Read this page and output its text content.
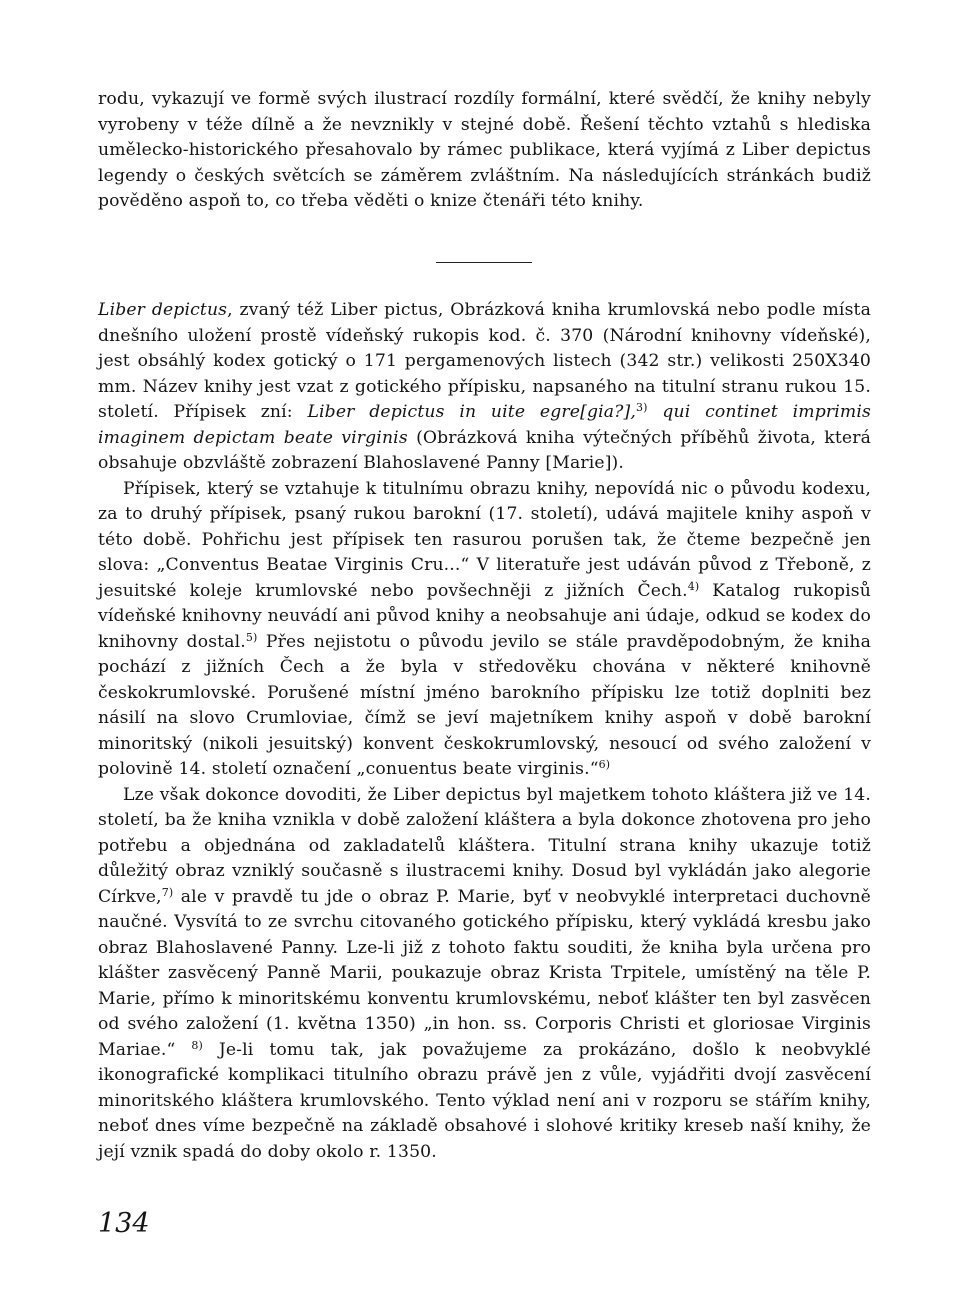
rodu, vykazují ve formě svých ilustrací rozdíly formální, které svědčí, že knihy nebyly vyrobeny v téže dílně a že nevznikly v stejné době. Řešení těchto vztahů s hlediska umělecko-historického přesahovalo by rámec publikace, která vyjímá z Liber depictus legendy o českých světcích se záměrem zvláštním. Na následujících stránkách budiž pověděno aspoň to, co třeba věděti o knize čtenáři této knihy.

Liber depictus, zvaný též Liber pictus, Obrázková kniha krumlovská nebo podle místa dnešního uložení prostě vídeňský rukopis kod. č. 370 (Národní knihovny vídeňské), jest obsáhlý kodex gotický o 171 pergamenových listech (342 str.) velikosti 250X340 mm. Název knihy jest vzat z gotického přípisku, napsaného na titulní stranu rukou 15. století. Přípisek zní: Liber depictus in uite egre[gia?],$^{3)}$ qui continet imprimis imaginem depictam beate virginis (Obrázková kniha výtečných příběhů života, která obsahuje obzvláště zobrazení Blahoslavené Panny [Marie]).

Přípisek, který se vztahuje k titulnímu obrazu knihy, nepovídá nic o původu kodexu, za to druhý přípisek, psaný rukou barokní (17. století), udává majitele knihy aspoň v této době. Pohřichu jest přípisek ten rasurou porušen tak, že čteme bezpečně jen slova: „Conventus Beatae Virginis Cru...“ V literatuře jest udáván původ z Třeboně, z jesuitské koleje krumlovské nebo povšechněji z jižních Čech.$^{4)}$ Katalog rukopisů vídeňské knihovny neuvádí ani původ knihy a neobsahuje ani údaje, odkud se kodex do knihovny dostal.$^{5)}$ Přes nejistotu o původu jevilo se stále pravděpodobným, že kniha pochází z jižních Čech a že byla v středověku chována v některé knihovně českokrumlovské. Porušené místní jméno barokního přípisku lze totiž doplniti bez násilí na slovo Crumloviae, čímž se jeví majetníkem knihy aspoň v době barokní minoritský (nikoli jesuitský) konvent českokrumlovský, nesoucí od svého založení v polovině 14. století označení „conuentus beate virginis.“$^{6)}$

Lze však dokonce dovoditi, že Liber depictus byl majetkem tohoto kláštera již ve 14. století, ba že kniha vznikla v době založení kláštera a byla dokonce zhotovena pro jeho potřebu a objednána od zakladatelů kláštera. Titulní strana knihy ukazuje totiž důležitý obraz vzniklý současně s ilustracemi knihy. Dosud byl vykládán jako alegorie Církve,$^{7)}$ ale v pravdě tu jde o obraz P. Marie, byť v neobvyklé interpretaci duchovně naučné. Vysvítá to ze svrchu citovaného gotického přípisku, který vykládá kresbu jako obraz Blahoslavené Panny. Lze-li již z tohoto faktu souditi, že kniha byla určena pro klášter zasvěcený Panně Marii, poukazuje obraz Krista Trpitele, umístěný na těle P. Marie, přímo k minoritskému konventu krumlovskému, neboť klášter ten byl zasvěcen od svého založení (1. května 1350) „in hon. ss. Corporis Christi et gloriosae Virginis Mariae.“ $^{8)}$ Je-li tomu tak, jak považujeme za prokázáno, došlo k neobvyklé ikonografické komplikaci titulního obrazu právě jen z vůle, vyjádřiti dvojí zasvěcení minoritského kláštera krumlovského. Tento výklad není ani v rozporu se stářím knihy, neboť dnes víme bezpečně na základě obsahové i slohové kritiky kreseb naší knihy, že její vznik spadá do doby okolo r. 1350.

134
